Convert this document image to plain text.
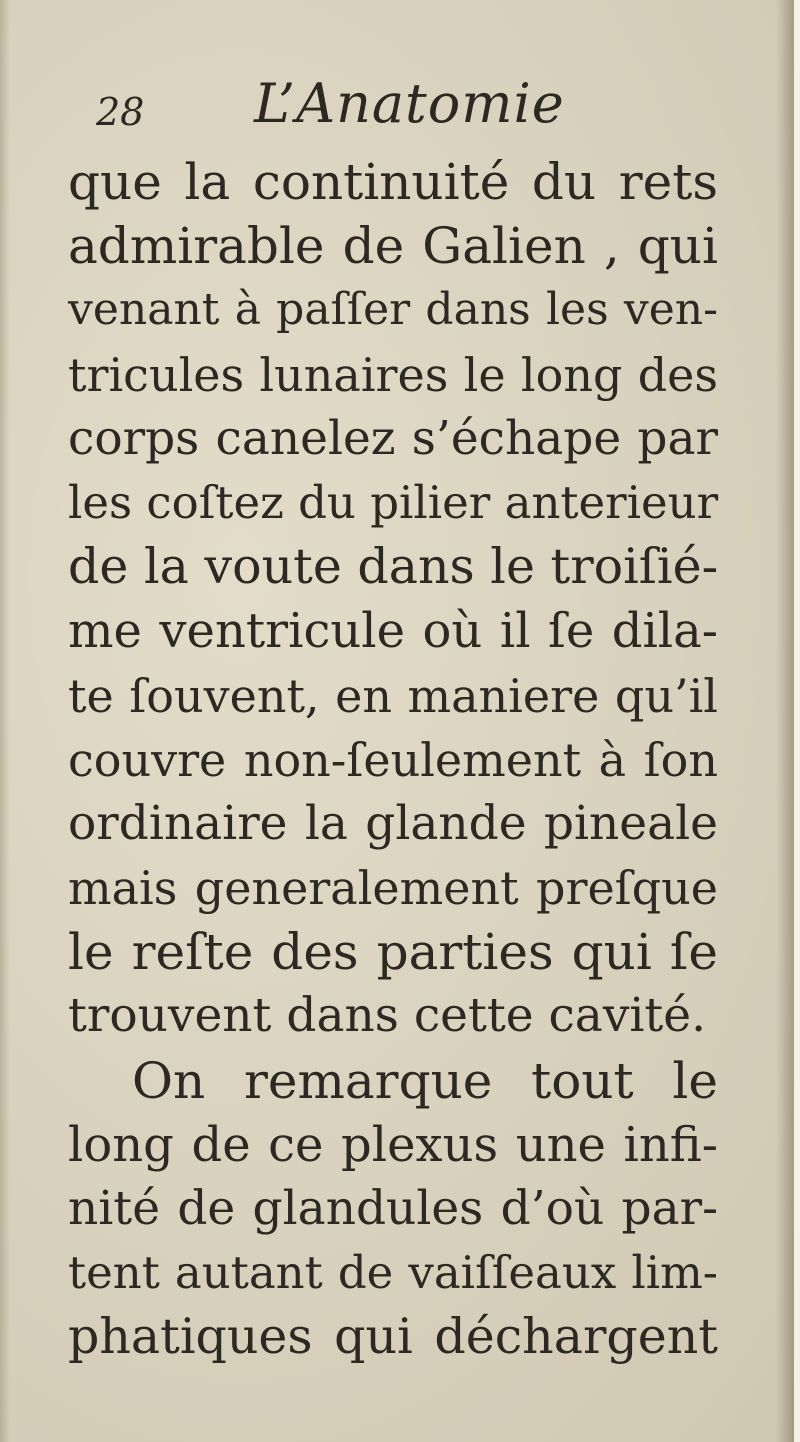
28 L’Anatomie
que la continuité du rets
admirable de Galien , qui
venant à paſſer dans les ven-
tricules lunaires le long des
corps canelez s’échape par
les coſtez du pilier anterieur
de la voute dans le troiſié-
me ventricule où il ſe dila-
te ſouvent, en maniere qu’il
couvre non-ſeulement à ſon
ordinaire la glande pineale
mais generalement preſque
le reſte des parties qui ſe
trouvent dans cette cavité.
On remarque tout le
long de ce plexus une infi-
nité de glandules d’où par-
tent autant de vaiſſeaux lim-
phatiques qui déchargent
